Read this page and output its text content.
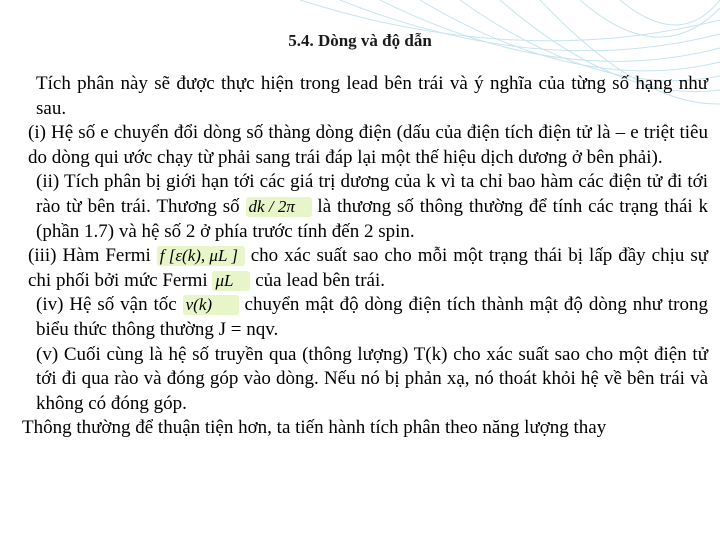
5.4. Dòng và độ dẫn

Tích phân này sẽ được thực hiện trong lead bên trái và ý nghĩa của từng số hạng như sau.

(i) Hệ số e chuyển đổi dòng số thàng dòng điện (dấu của điện tích điện tử là – e triệt tiêu do dòng qui ước chạy từ phải sang trái đáp lại một thế hiệu dịch dương ở bên phải).

(ii) Tích phân bị giới hạn tới các giá trị dương của k vì ta chỉ bao hàm các điện tử đi tới rào từ bên trái. Thương số dk / 2π là thương số thông thường để tính các trạng thái k (phần 1.7) và hệ số 2 ở phía trước tính đến 2 spin.

(iii) Hàm Fermi f [ε(k), μL ] cho xác suất sao cho mỗi một trạng thái bị lấp đầy chịu sự chi phối bởi mức Fermi μL của lead bên trái.

(iv) Hệ số vận tốc v(k) chuyển mật độ dòng điện tích thành mật độ dòng như trong biểu thức thông thường J = nqv.

(v) Cuối cùng là hệ số truyền qua (thông lượng) T(k) cho xác suất sao cho một điện tử tới đi qua rào và đóng góp vào dòng. Nếu nó bị phản xạ, nó thoát khỏi hệ về bên trái và không có đóng góp.

Thông thường để thuận tiện hơn, ta tiến hành tích phân theo năng lượng thay
